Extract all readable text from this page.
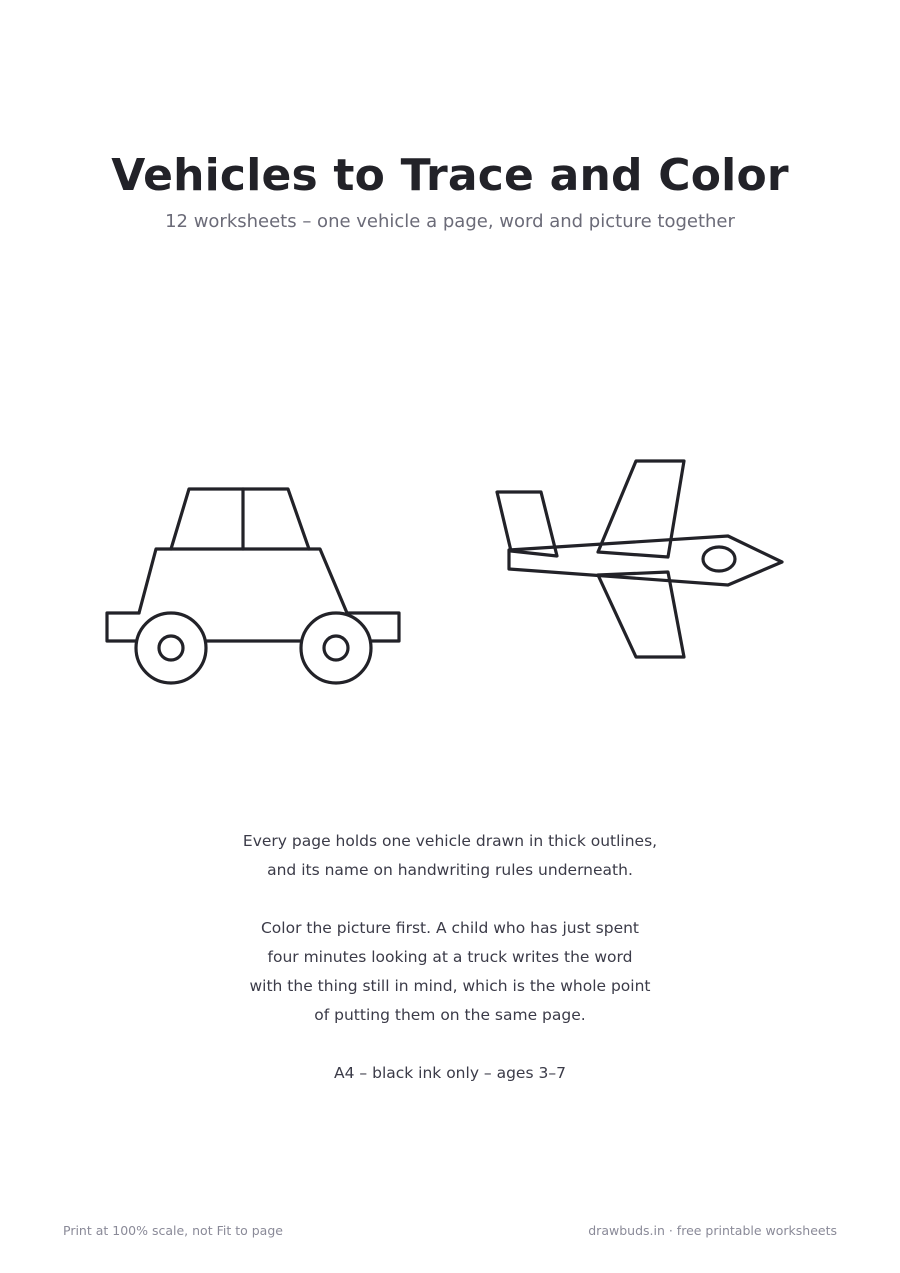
Vehicles to Trace and Color
12 worksheets – one vehicle a page, word and picture together

Every page holds one vehicle drawn in thick outlines,
and its name on handwriting rules underneath.

Color the picture first. A child who has just spent
four minutes looking at a truck writes the word
with the thing still in mind, which is the whole point
of putting them on the same page.

A4 – black ink only – ages 3–7

Print at 100% scale, not Fit to page	drawbuds.in · free printable worksheets
